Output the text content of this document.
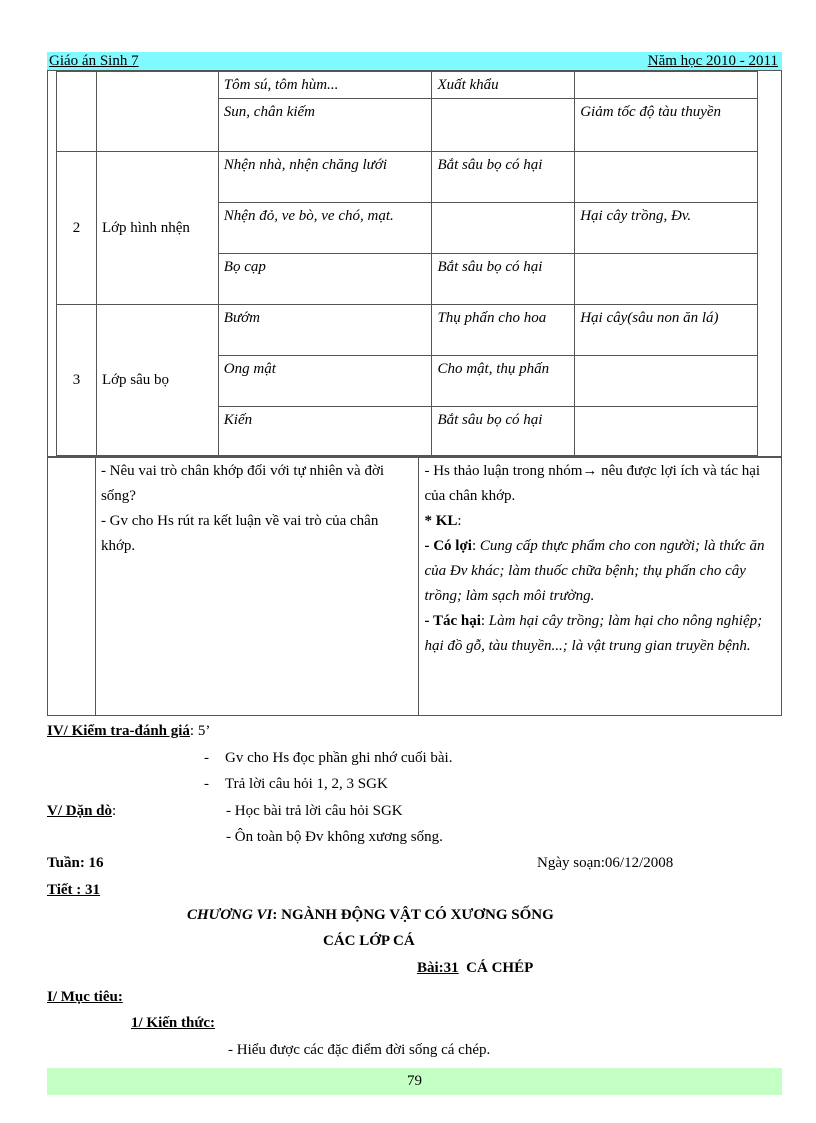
Giáo án Sinh 7	Năm học 2010 - 2011
		Tôm sú, tôm hùm...	Xuất khẩu	
		Sun, chân kiếm		Giảm tốc độ tàu thuyền
2	Lớp hình nhện	Nhện nhà, nhện chăng lưới	Bắt sâu bọ có hại	
		Nhện đỏ, ve bò, ve chó, mạt.		Hại cây trồng, Đv.
		Bọ cạp	Bắt sâu bọ có hại	
3	Lớp sâu bọ	Bướm	Thụ phấn cho hoa	Hại cây(sâu non ăn lá)
		Ong mật	Cho mật, thụ phấn	
		Kiến	Bắt sâu bọ có hại	

- Nêu vai trò chân khớp đối với tự nhiên và đời sống?
- Gv cho Hs rút ra kết luận về vai trò của chân khớp.

- Hs thảo luận trong nhóm→ nêu được lợi ích và tác hại của chân khớp.
* KL:
- Có lợi: Cung cấp thực phẩm cho con người; là thức ăn của Đv khác; làm thuốc chữa bệnh; thụ phấn cho cây trồng; làm sạch môi trường.
- Tác hại: Làm hại cây trồng; làm hại cho nông nghiệp; hại đồ gỗ, tàu thuyền...; là vật trung gian truyền bệnh.
IV/ Kiểm tra-đánh giá: 5’
- Gv cho Hs đọc phần ghi nhớ cuối bài.
- Trả lời câu hỏi 1, 2, 3 SGK
V/ Dặn dò:	- Học bài trả lời câu hỏi SGK
- Ôn toàn bộ Đv không xương sống.
Tuần: 16	Ngày soạn:06/12/2008
Tiết : 31
CHƯƠNG VI: NGÀNH ĐỘNG VẬT CÓ XƯƠNG SỐNG
CÁC LỚP CÁ
Bài:31  CÁ CHÉP
I/ Mục tiêu:
1/ Kiến thức:
- Hiểu được các đặc điểm đời sống cá chép.
79
